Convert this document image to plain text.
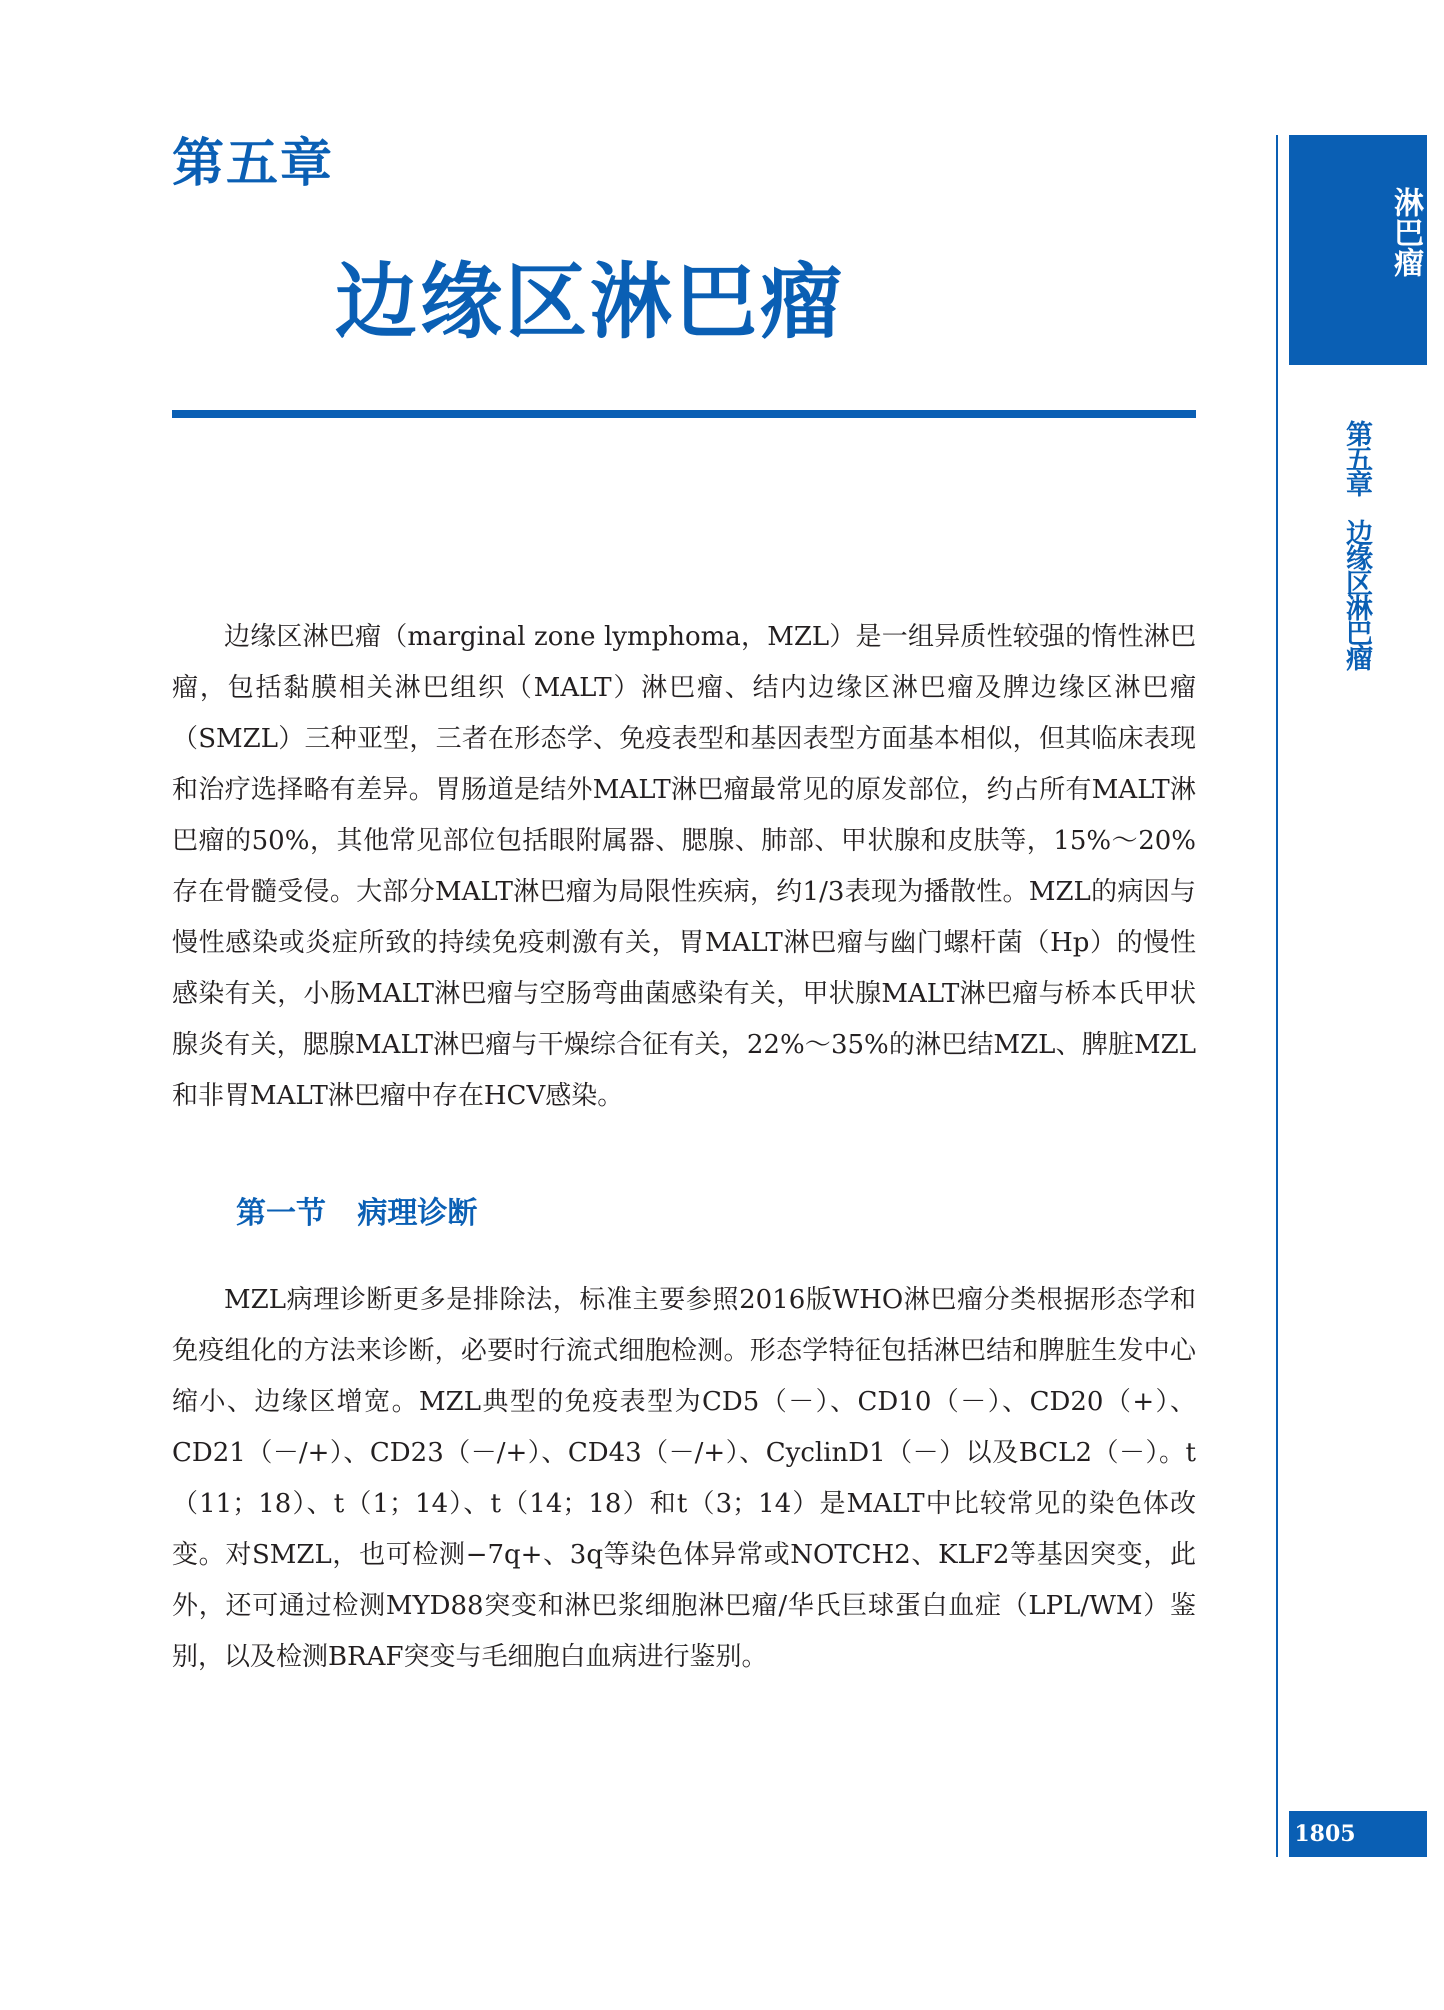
第五章
边缘区淋巴瘤
淋巴瘤
第五章边缘区淋巴瘤

边缘区淋巴瘤（marginal zone lymphoma，MZL）是一组异质性较强的惰性淋巴瘤，包括黏膜相关淋巴组织（MALT）淋巴瘤、结内边缘区淋巴瘤及脾边缘区淋巴瘤（SMZL）三种亚型，三者在形态学、免疫表型和基因表型方面基本相似，但其临床表现和治疗选择略有差异。胃肠道是结外MALT淋巴瘤最常见的原发部位，约占所有MALT淋巴瘤的50%，其他常见部位包括眼附属器、腮腺、肺部、甲状腺和皮肤等，15%～20%存在骨髓受侵。大部分MALT淋巴瘤为局限性疾病，约1/3表现为播散性。MZL的病因与慢性感染或炎症所致的持续免疫刺激有关，胃MALT淋巴瘤与幽门螺杆菌（Hp）的慢性感染有关，小肠MALT淋巴瘤与空肠弯曲菌感染有关，甲状腺MALT淋巴瘤与桥本氏甲状腺炎有关，腮腺MALT淋巴瘤与干燥综合征有关，22%～35%的淋巴结MZL、脾脏MZL和非胃MALT淋巴瘤中存在HCV感染。

第一节   病理诊断

MZL病理诊断更多是排除法，标准主要参照2016版WHO淋巴瘤分类根据形态学和免疫组化的方法来诊断，必要时行流式细胞检测。形态学特征包括淋巴结和脾脏生发中心缩小、边缘区增宽。MZL典型的免疫表型为CD5（－）、CD10（－）、CD20（+）、CD21（－/+）、CD23（－/+）、CD43（－/+）、CyclinD1（－）以及BCL2（－）。t（11；18）、t（1；14）、t（14；18）和t（3；14）是MALT中比较常见的染色体改变。对SMZL，也可检测−7q+、3q等染色体异常或NOTCH2、KLF2等基因突变，此外，还可通过检测MYD88突变和淋巴浆细胞淋巴瘤/华氏巨球蛋白血症（LPL/WM）鉴别，以及检测BRAF突变与毛细胞白血病进行鉴别。

1805
